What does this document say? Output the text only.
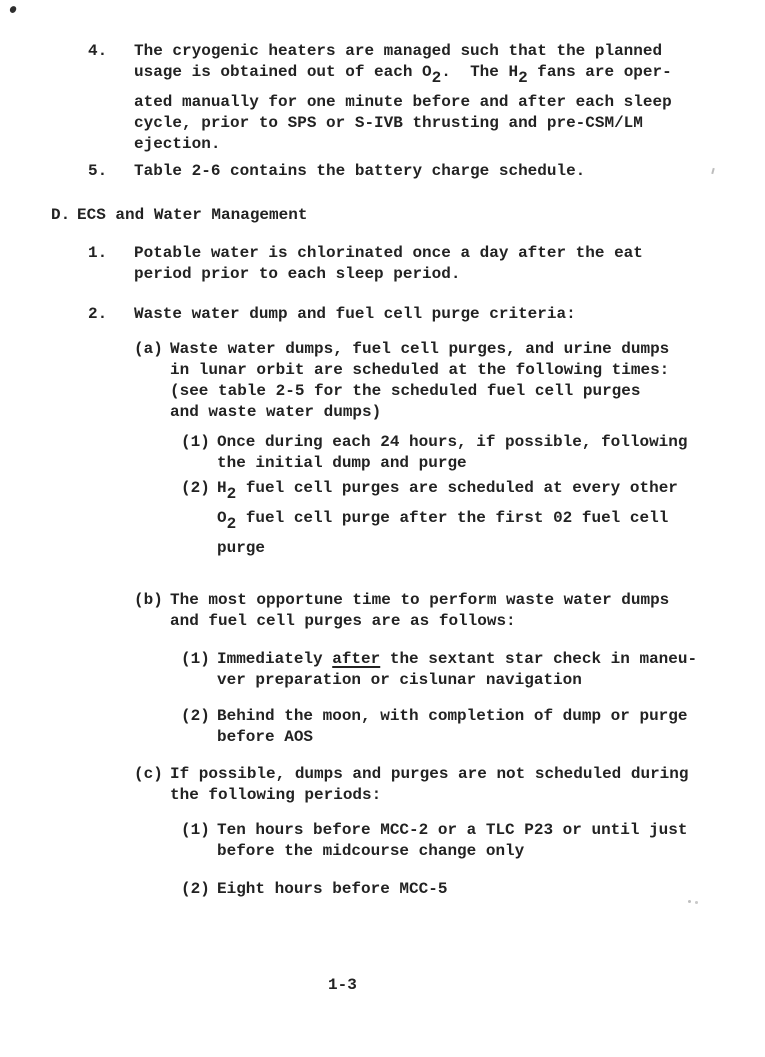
4.	The cryogenic heaters are managed such that the planned
usage is obtained out of each $O_2$.  The $H_2$ fans are oper-
ated manually for one minute before and after each sleep
cycle, prior to SPS or S-IVB thrusting and pre-CSM/LM
ejection.
5.	Table 2-6 contains the battery charge schedule.
D. ECS and Water Management
1.	Potable water is chlorinated once a day after the eat
period prior to each sleep period.
2.	Waste water dump and fuel cell purge criteria:
(a) Waste water dumps, fuel cell purges, and urine dumps
in lunar orbit are scheduled at the following times:
(see table 2-5 for the scheduled fuel cell purges
and waste water dumps)
(1) Once during each 24 hours, if possible, following
the initial dump and purge
(2) $H_2$ fuel cell purges are scheduled at every other
$O_2$ fuel cell purge after the first 02 fuel cell
purge
(b) The most opportune time to perform waste water dumps
and fuel cell purges are as follows:
(1) Immediately after the sextant star check in maneu-
ver preparation or cislunar navigation
(2) Behind the moon, with completion of dump or purge
before AOS
(c) If possible, dumps and purges are not scheduled during
the following periods:
(1) Ten hours before MCC-2 or a TLC P23 or until just
before the midcourse change only
(2) Eight hours before MCC-5
1-3
